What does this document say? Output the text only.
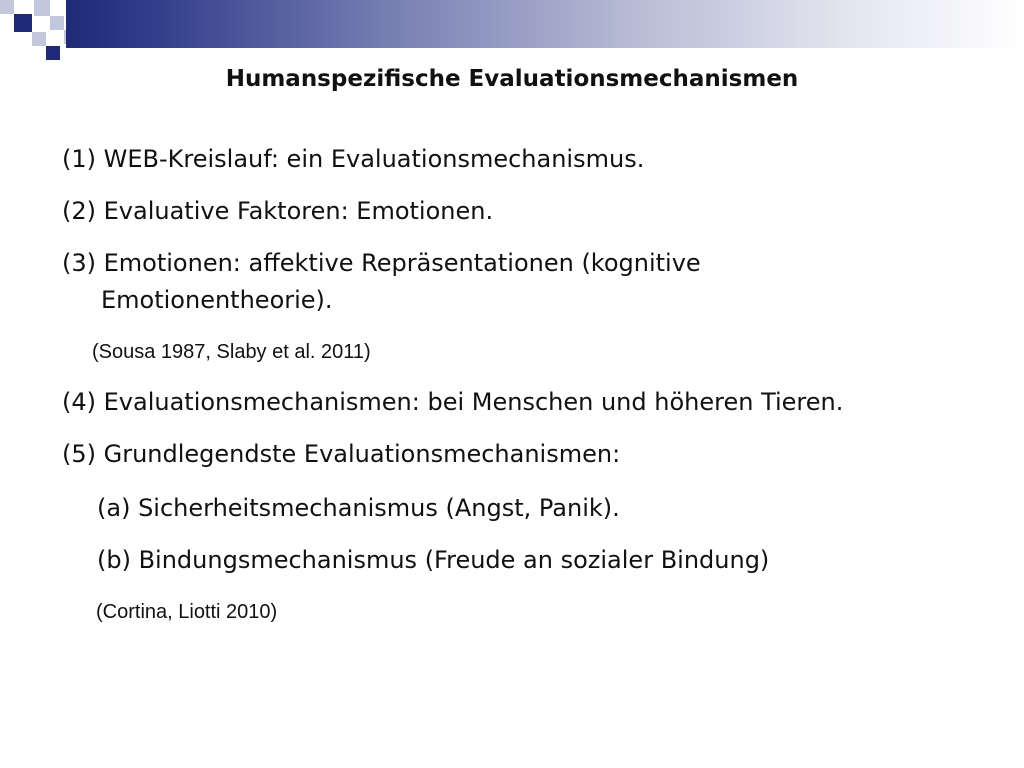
Humanspezifische Evaluationsmechanismen

(1) WEB-Kreislauf: ein Evaluationsmechanismus.

(2) Evaluative Faktoren: Emotionen.

(3) Emotionen: affektive Repräsentationen (kognitive

Emotionentheorie).

(Sousa 1987, Slaby et al. 2011)

(4) Evaluationsmechanismen: bei Menschen und höheren Tieren.

(5) Grundlegendste Evaluationsmechanismen:

(a) Sicherheitsmechanismus (Angst, Panik).

(b) Bindungsmechanismus (Freude an sozialer Bindung)

(Cortina, Liotti 2010)
